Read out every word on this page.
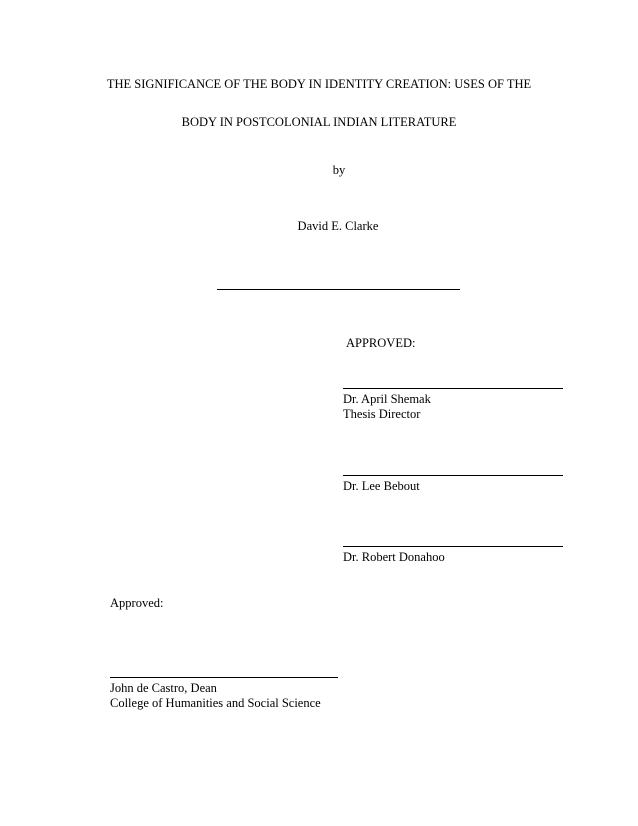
THE SIGNIFICANCE OF THE BODY IN IDENTITY CREATION: USES OF THE
BODY IN POSTCOLONIAL INDIAN LITERATURE
by
David E. Clarke
APPROVED:
Dr. April Shemak
Thesis Director
Dr. Lee Bebout
Dr. Robert Donahoo
Approved:
John de Castro, Dean
College of Humanities and Social Science
